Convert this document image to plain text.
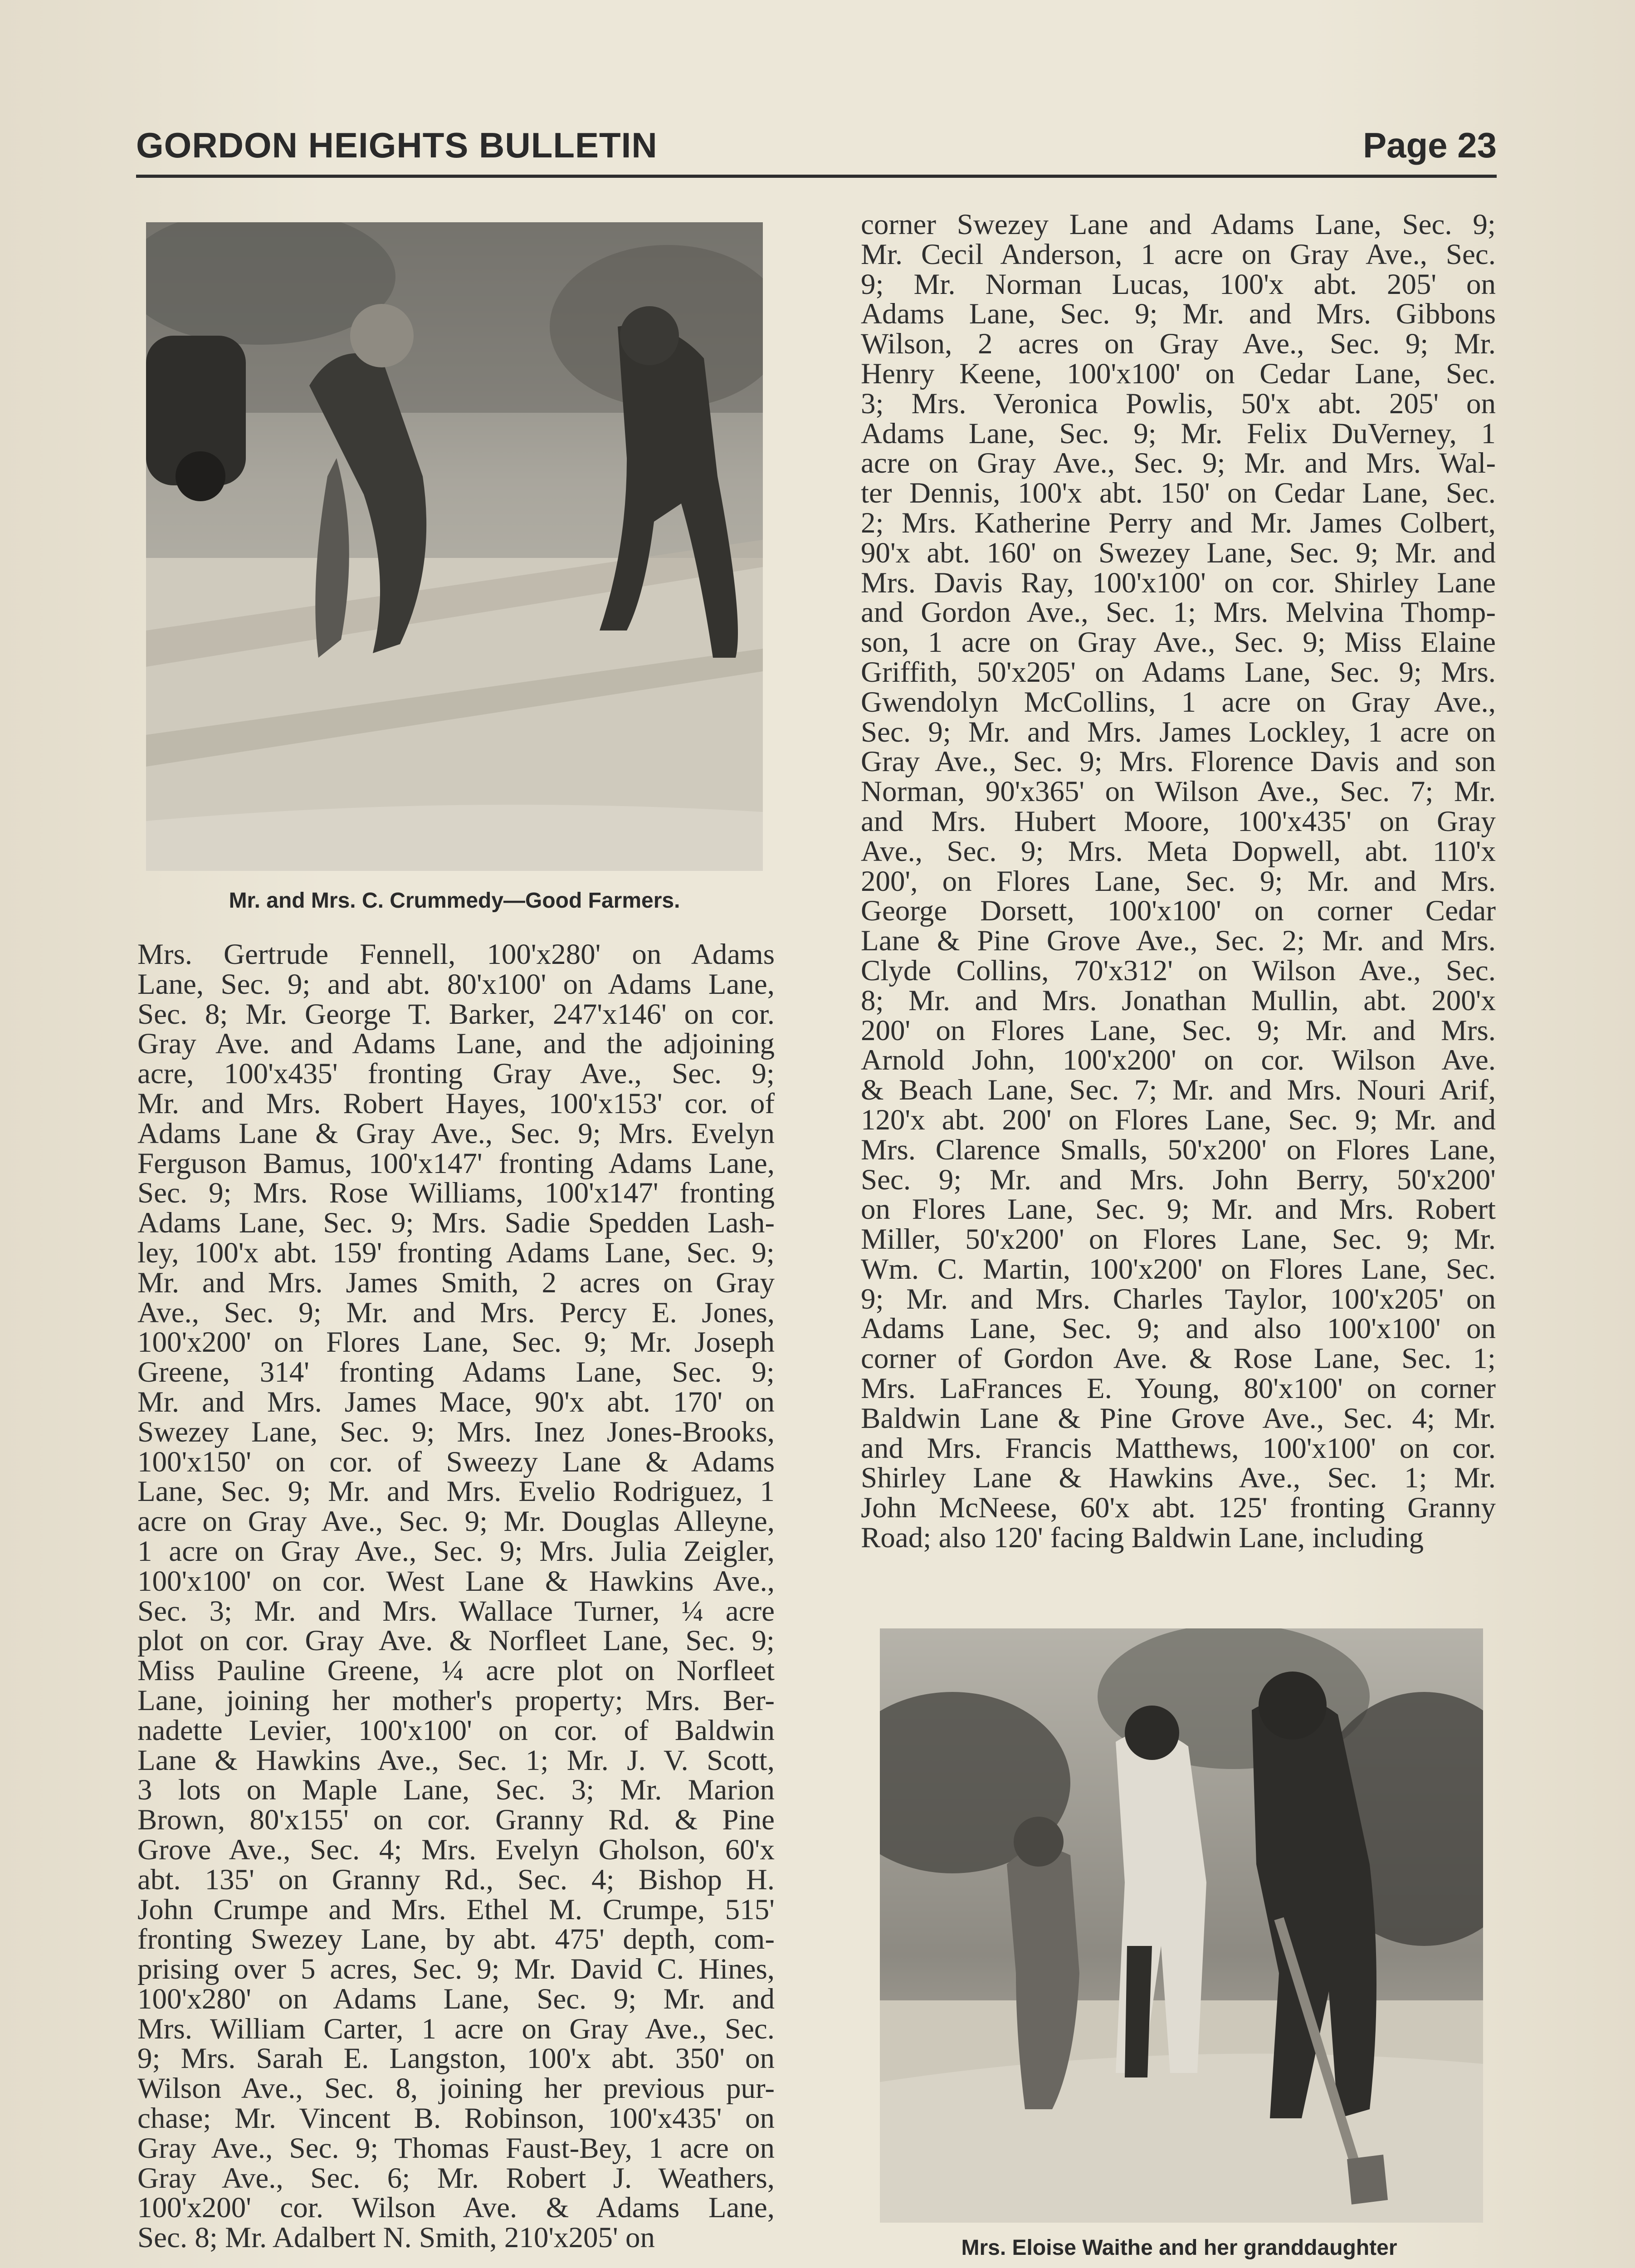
GORDON HEIGHTS BULLETIN	Page 23
Mr. and Mrs. C. Crummedy—Good Farmers.
Mrs. Gertrude Fennell, 100'x280' on Adams
Lane, Sec. 9; and abt. 80'x100' on Adams Lane,
Sec. 8; Mr. George T. Barker, 247'x146' on cor.
Gray Ave. and Adams Lane, and the adjoining
acre, 100'x435' fronting Gray Ave., Sec. 9;
Mr. and Mrs. Robert Hayes, 100'x153' cor. of
Adams Lane & Gray Ave., Sec. 9; Mrs. Evelyn
Ferguson Bamus, 100'x147' fronting Adams Lane,
Sec. 9; Mrs. Rose Williams, 100'x147' fronting
Adams Lane, Sec. 9; Mrs. Sadie Spedden Lash-
ley, 100'x abt. 159' fronting Adams Lane, Sec. 9;
Mr. and Mrs. James Smith, 2 acres on Gray
Ave., Sec. 9; Mr. and Mrs. Percy E. Jones,
100'x200' on Flores Lane, Sec. 9; Mr. Joseph
Greene, 314' fronting Adams Lane, Sec. 9;
Mr. and Mrs. James Mace, 90'x abt. 170' on
Swezey Lane, Sec. 9; Mrs. Inez Jones-Brooks,
100'x150' on cor. of Sweezy Lane & Adams
Lane, Sec. 9; Mr. and Mrs. Evelio Rodriguez, 1
acre on Gray Ave., Sec. 9; Mr. Douglas Alleyne,
1 acre on Gray Ave., Sec. 9; Mrs. Julia Zeigler,
100'x100' on cor. West Lane & Hawkins Ave.,
Sec. 3; Mr. and Mrs. Wallace Turner, ¼ acre
plot on cor. Gray Ave. & Norfleet Lane, Sec. 9;
Miss Pauline Greene, ¼ acre plot on Norfleet
Lane, joining her mother's property; Mrs. Ber-
nadette Levier, 100'x100' on cor. of Baldwin
Lane & Hawkins Ave., Sec. 1; Mr. J. V. Scott,
3 lots on Maple Lane, Sec. 3; Mr. Marion
Brown, 80'x155' on cor. Granny Rd. & Pine
Grove Ave., Sec. 4; Mrs. Evelyn Gholson, 60'x
abt. 135' on Granny Rd., Sec. 4; Bishop H.
John Crumpe and Mrs. Ethel M. Crumpe, 515'
fronting Swezey Lane, by abt. 475' depth, com-
prising over 5 acres, Sec. 9; Mr. David C. Hines,
100'x280' on Adams Lane, Sec. 9; Mr. and
Mrs. William Carter, 1 acre on Gray Ave., Sec.
9; Mrs. Sarah E. Langston, 100'x abt. 350' on
Wilson Ave., Sec. 8, joining her previous pur-
chase; Mr. Vincent B. Robinson, 100'x435' on
Gray Ave., Sec. 9; Thomas Faust-Bey, 1 acre on
Gray Ave., Sec. 6; Mr. Robert J. Weathers,
100'x200' cor. Wilson Ave. & Adams Lane,
Sec. 8; Mr. Adalbert N. Smith, 210'x205' on
corner Swezey Lane and Adams Lane, Sec. 9;
Mr. Cecil Anderson, 1 acre on Gray Ave., Sec.
9; Mr. Norman Lucas, 100'x abt. 205' on
Adams Lane, Sec. 9; Mr. and Mrs. Gibbons
Wilson, 2 acres on Gray Ave., Sec. 9; Mr.
Henry Keene, 100'x100' on Cedar Lane, Sec.
3; Mrs. Veronica Powlis, 50'x abt. 205' on
Adams Lane, Sec. 9; Mr. Felix DuVerney, 1
acre on Gray Ave., Sec. 9; Mr. and Mrs. Wal-
ter Dennis, 100'x abt. 150' on Cedar Lane, Sec.
2; Mrs. Katherine Perry and Mr. James Colbert,
90'x abt. 160' on Swezey Lane, Sec. 9; Mr. and
Mrs. Davis Ray, 100'x100' on cor. Shirley Lane
and Gordon Ave., Sec. 1; Mrs. Melvina Thomp-
son, 1 acre on Gray Ave., Sec. 9; Miss Elaine
Griffith, 50'x205' on Adams Lane, Sec. 9; Mrs.
Gwendolyn McCollins, 1 acre on Gray Ave.,
Sec. 9; Mr. and Mrs. James Lockley, 1 acre on
Gray Ave., Sec. 9; Mrs. Florence Davis and son
Norman, 90'x365' on Wilson Ave., Sec. 7; Mr.
and Mrs. Hubert Moore, 100'x435' on Gray
Ave., Sec. 9; Mrs. Meta Dopwell, abt. 110'x
200', on Flores Lane, Sec. 9; Mr. and Mrs.
George Dorsett, 100'x100' on corner Cedar
Lane & Pine Grove Ave., Sec. 2; Mr. and Mrs.
Clyde Collins, 70'x312' on Wilson Ave., Sec.
8; Mr. and Mrs. Jonathan Mullin, abt. 200'x
200' on Flores Lane, Sec. 9; Mr. and Mrs.
Arnold John, 100'x200' on cor. Wilson Ave.
& Beach Lane, Sec. 7; Mr. and Mrs. Nouri Arif,
120'x abt. 200' on Flores Lane, Sec. 9; Mr. and
Mrs. Clarence Smalls, 50'x200' on Flores Lane,
Sec. 9; Mr. and Mrs. John Berry, 50'x200'
on Flores Lane, Sec. 9; Mr. and Mrs. Robert
Miller, 50'x200' on Flores Lane, Sec. 9; Mr.
Wm. C. Martin, 100'x200' on Flores Lane, Sec.
9; Mr. and Mrs. Charles Taylor, 100'x205' on
Adams Lane, Sec. 9; and also 100'x100' on
corner of Gordon Ave. & Rose Lane, Sec. 1;
Mrs. LaFrances E. Young, 80'x100' on corner
Baldwin Lane & Pine Grove Ave., Sec. 4; Mr.
and Mrs. Francis Matthews, 100'x100' on cor.
Shirley Lane & Hawkins Ave., Sec. 1; Mr.
John McNeese, 60'x abt. 125' fronting Granny
Road; also 120' facing Baldwin Lane, including
Mrs. Eloise Waithe and her granddaughter
